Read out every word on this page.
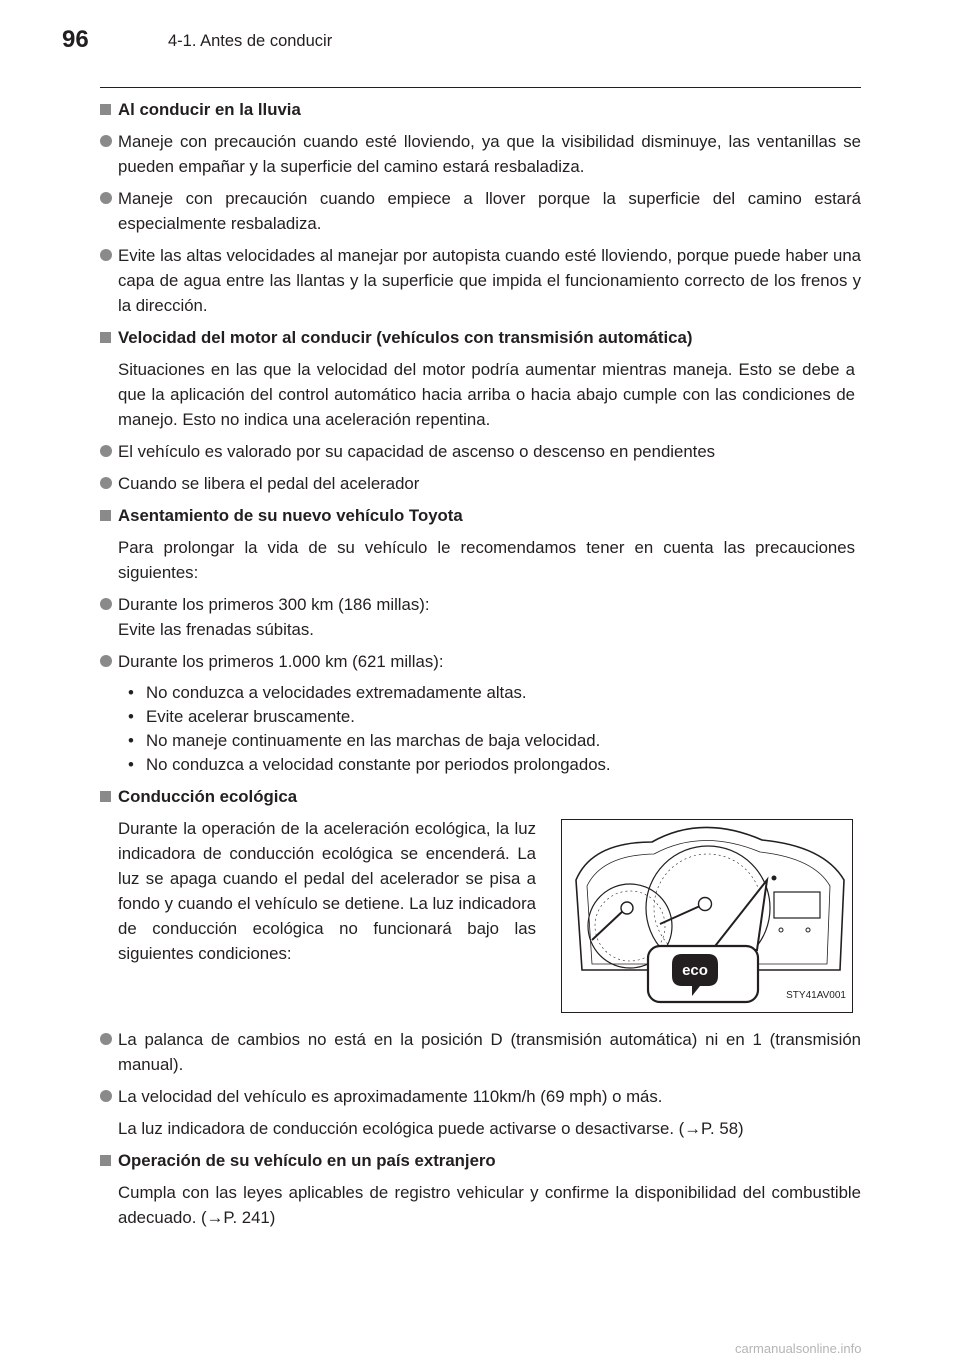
96	4-1. Antes de conducir
Al conducir en la lluvia
Maneje con precaución cuando esté lloviendo, ya que la visibilidad disminuye, las ventanillas se pueden empañar y la superficie del camino estará resbaladiza.
Maneje con precaución cuando empiece a llover porque la superficie del camino estará especialmente resbaladiza.
Evite las altas velocidades al manejar por autopista cuando esté lloviendo, porque puede haber una capa de agua entre las llantas y la superficie que impida el funcionamiento correcto de los frenos y la dirección.
Velocidad del motor al conducir (vehículos con transmisión automática)
Situaciones en las que la velocidad del motor podría aumentar mientras maneja. Esto se debe a que la aplicación del control automático hacia arriba o hacia abajo cumple con las condiciones de manejo. Esto no indica una aceleración repentina.
El vehículo es valorado por su capacidad de ascenso o descenso en pendientes
Cuando se libera el pedal del acelerador
Asentamiento de su nuevo vehículo Toyota
Para prolongar la vida de su vehículo le recomendamos tener en cuenta las precauciones siguientes:
Durante los primeros 300 km (186 millas):
Evite las frenadas súbitas.
Durante los primeros 1.000 km (621 millas):
• No conduzca a velocidades extremadamente altas.
• Evite acelerar bruscamente.
• No maneje continuamente en las marchas de baja velocidad.
• No conduzca a velocidad constante por periodos prolongados.
Conducción ecológica
Durante la operación de la aceleración ecológica, la luz indicadora de conducción ecológica se encenderá. La luz se apaga cuando el pedal del acelerador se pisa a fondo y cuando el vehículo se detiene. La luz indicadora de conducción ecológica no funcionará bajo las siguientes condiciones:
eco
STY41AV001
La palanca de cambios no está en la posición D (transmisión automática) ni en 1 (transmisión manual).
La velocidad del vehículo es aproximadamente 110km/h (69 mph) o más.
La luz indicadora de conducción ecológica puede activarse o desactivarse. (→P. 58)
Operación de su vehículo en un país extranjero
Cumpla con las leyes aplicables de registro vehicular y confirme la disponibilidad del combustible adecuado. (→P. 241)
carmanualsonline.info
